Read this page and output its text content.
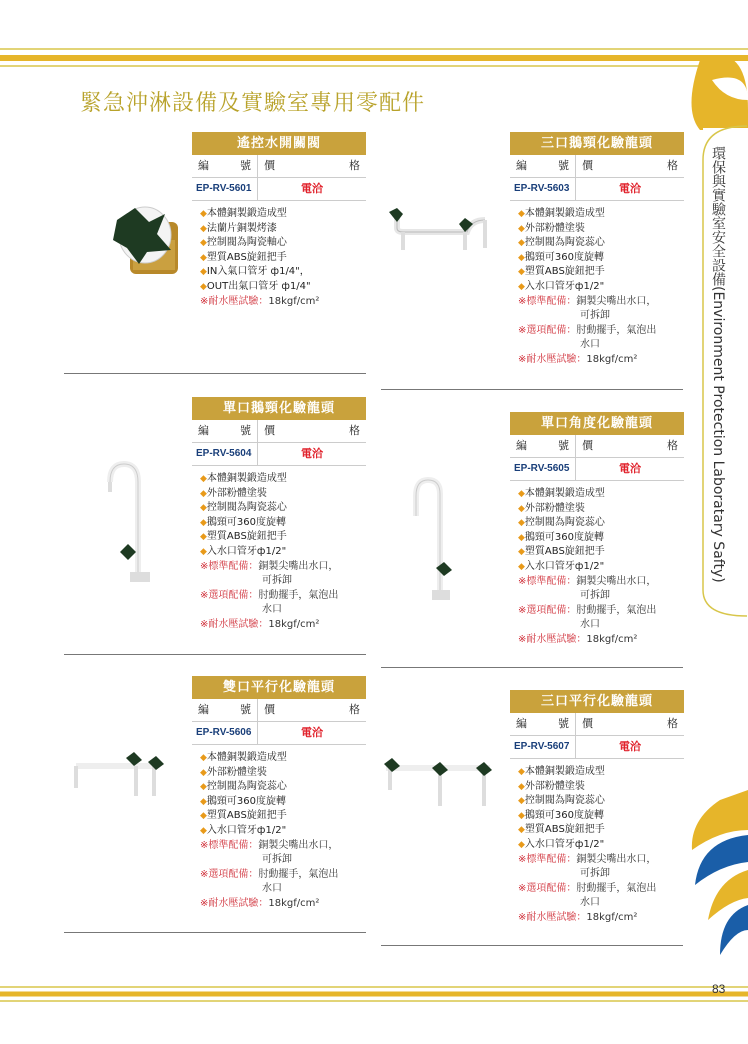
環保與實驗室安全設備(Environment Protection Laboratary Safty)
緊急沖淋設備及實驗室專用零配件
83
遙控水開關閥
編	號 價	格
EP-RV-5601	電洽
◆本體銅製鍛造成型
◆法蘭片銅製烤漆
◆控制閥為陶瓷軸心
◆塑質ABS旋鈕把手
◆IN入氣口管牙 ф1/4"，
◆OUT出氣口管牙 ф1/4"
※耐水壓試驗：18kgf/cm²
三口鵝頸化驗龍頭
編	號 價	格
EP-RV-5603	電洽
◆本體銅製鍛造成型
◆外部粉體塗裝
◆控制閥為陶瓷蕊心
◆鵝頸可360度旋轉
◆塑質ABS旋鈕把手
◆入水口管牙ф1/2"
※標準配備：銅製尖嘴出水口，
可拆卸
※選項配備：肘動擺手，氣泡出
水口
※耐水壓試驗：18kgf/cm²
單口鵝頸化驗龍頭
編	號 價	格
EP-RV-5604	電洽
◆本體銅製鍛造成型
◆外部粉體塗裝
◆控制閥為陶瓷蕊心
◆鵝頸可360度旋轉
◆塑質ABS旋鈕把手
◆入水口管牙ф1/2"
※標準配備：銅製尖嘴出水口，
可拆卸
※選項配備：肘動擺手，氣泡出
水口
※耐水壓試驗：18kgf/cm²
單口角度化驗龍頭
編	號 價	格
EP-RV-5605	電洽
◆本體銅製鍛造成型
◆外部粉體塗裝
◆控制閥為陶瓷蕊心
◆鵝頸可360度旋轉
◆塑質ABS旋鈕把手
◆入水口管牙ф1/2"
※標準配備：銅製尖嘴出水口，
可拆卸
※選項配備：肘動擺手，氣泡出
水口
※耐水壓試驗：18kgf/cm²
雙口平行化驗龍頭
編	號 價	格
EP-RV-5606	電洽
◆本體銅製鍛造成型
◆外部粉體塗裝
◆控制閥為陶瓷蕊心
◆鵝頸可360度旋轉
◆塑質ABS旋鈕把手
◆入水口管牙ф1/2"
※標準配備：銅製尖嘴出水口，
可拆卸
※選項配備：肘動擺手，氣泡出
水口
※耐水壓試驗：18kgf/cm²
三口平行化驗龍頭
編	號 價	格
EP-RV-5607	電洽
◆本體銅製鍛造成型
◆外部粉體塗裝
◆控制閥為陶瓷蕊心
◆鵝頸可360度旋轉
◆塑質ABS旋鈕把手
◆入水口管牙ф1/2"
※標準配備：銅製尖嘴出水口，
可拆卸
※選項配備：肘動擺手，氣泡出
水口
※耐水壓試驗：18kgf/cm²
